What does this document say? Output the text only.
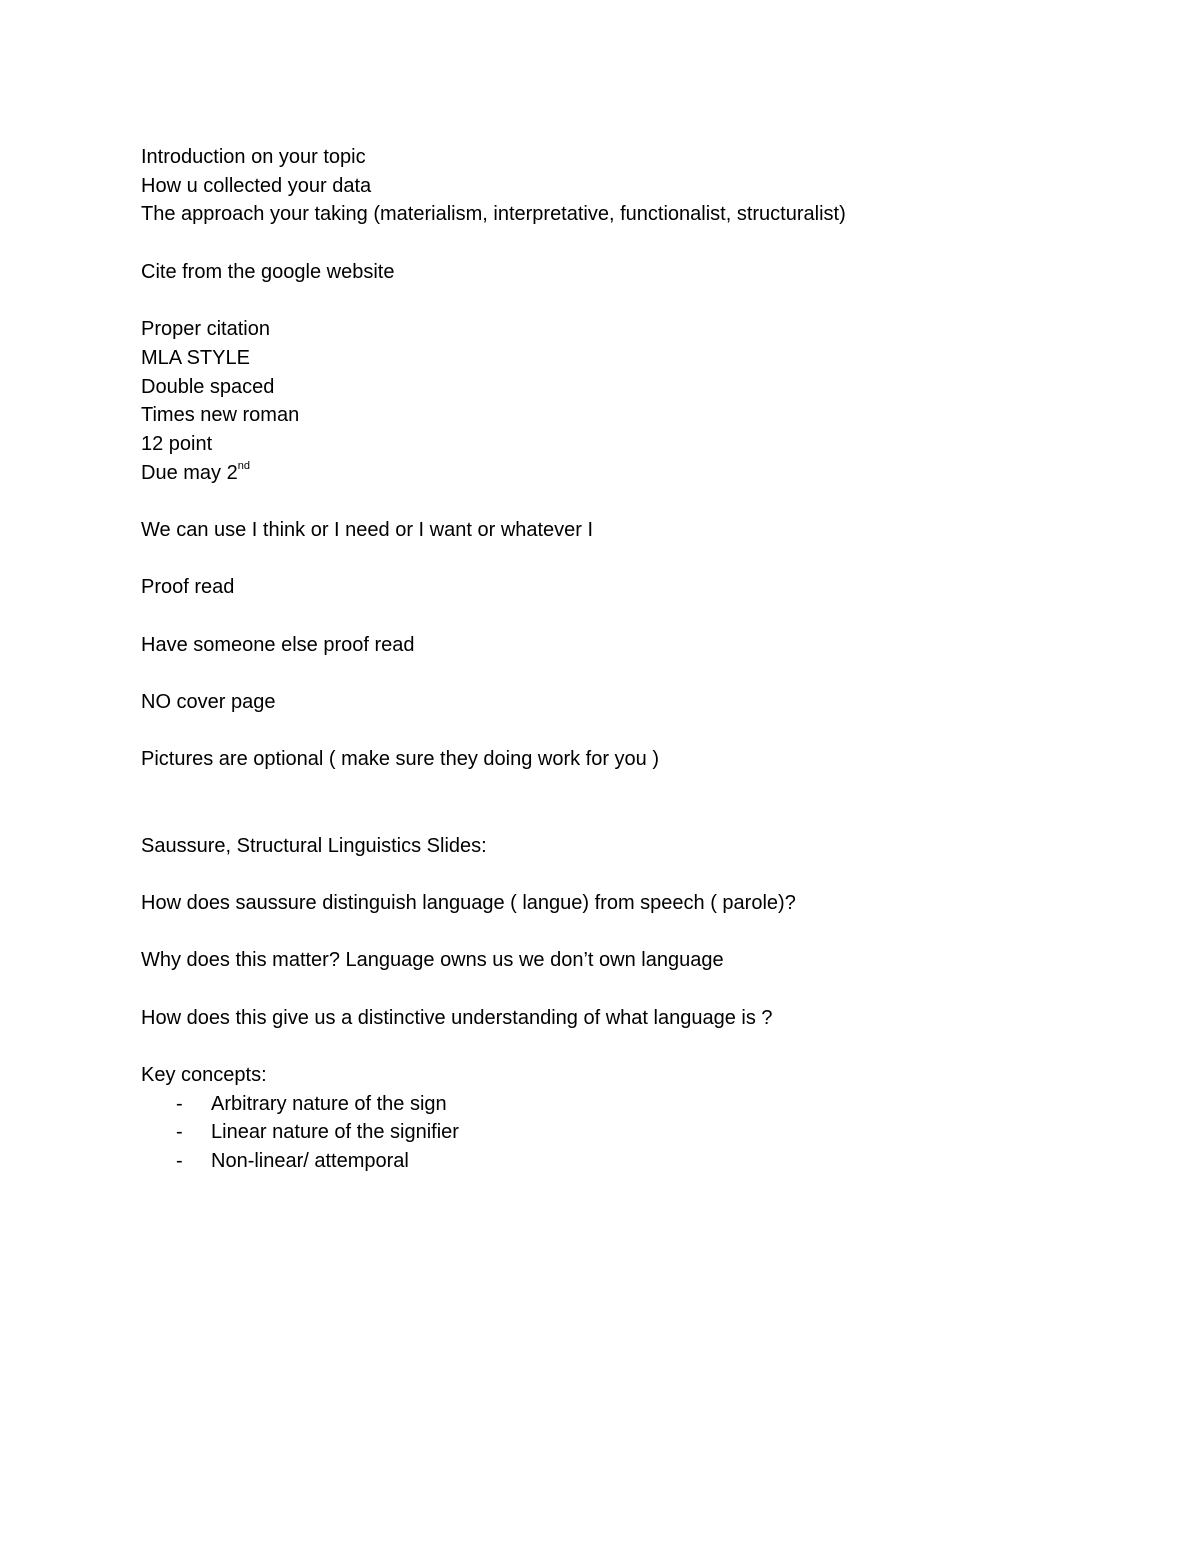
Introduction on your topic
How u collected your data
The approach your taking (materialism, interpretative, functionalist, structuralist)
Cite from the google website
Proper citation
MLA STYLE
Double spaced
Times new roman
12 point
Due may 2nd
We can use I think or I need or I want or whatever I
Proof read
Have someone else proof read
NO cover page
Pictures are optional ( make sure they doing work for you )
Saussure, Structural Linguistics Slides:
How does saussure distinguish language ( langue) from speech ( parole)?
Why does this matter? Language owns us we don’t own language
How does this give us a distinctive understanding of what language is ?
Key concepts:
- Arbitrary nature of the sign
- Linear nature of the signifier
- Non-linear/ attemporal
